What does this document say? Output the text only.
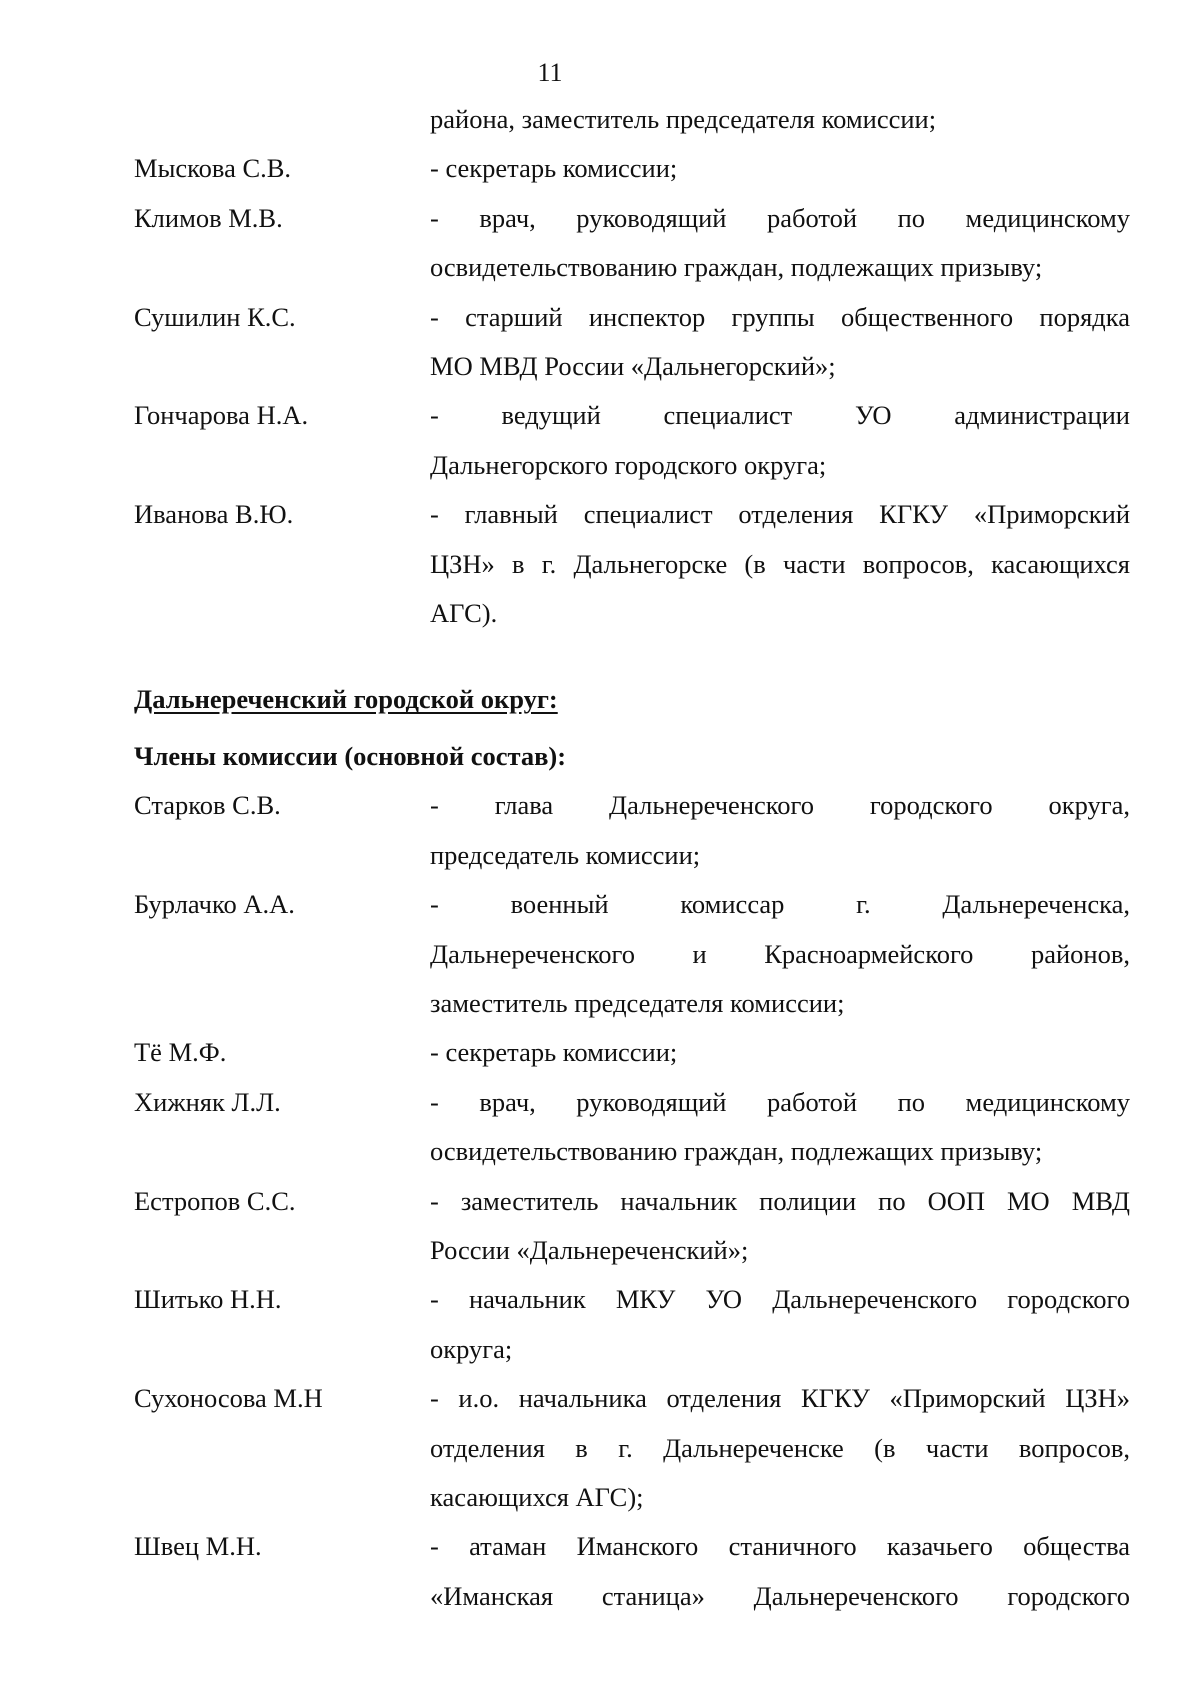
11
района, заместитель председателя комиссии;
Мыскова С.В.	- секретарь комиссии;
Климов М.В.	- врач, руководящий работой по медицинскому
освидетельствованию граждан, подлежащих призыву;
Сушилин К.С.	- старший инспектор группы общественного порядка
МО МВД России «Дальнегорский»;
Гончарова Н.А.	- ведущий специалист УО администрации
Дальнегорского городского округа;
Иванова В.Ю.	- главный специалист отделения КГКУ «Приморский
ЦЗН» в г. Дальнегорске (в части вопросов, касающихся
АГС).
Дальнереченский городской округ:
Члены комиссии (основной состав):
Старков С.В.	- глава Дальнереченского городского округа,
председатель комиссии;
Бурлачко А.А.	- военный комиссар г. Дальнереченска,
Дальнереченского и Красноармейского районов,
заместитель председателя комиссии;
Тё М.Ф.	- секретарь комиссии;
Хижняк Л.Л.	- врач, руководящий работой по медицинскому
освидетельствованию граждан, подлежащих призыву;
Естропов С.С.	- заместитель начальник полиции по ООП МО МВД
России «Дальнереченский»;
Шитько Н.Н.	- начальник МКУ УО Дальнереченского городского
округа;
Сухоносова М.Н	- и.о. начальника отделения КГКУ «Приморский ЦЗН»
отделения в г. Дальнереченске (в части вопросов,
касающихся АГС);
Швец М.Н.	- атаман Иманского станичного казачьего общества
«Иманская станица» Дальнереченского городского
